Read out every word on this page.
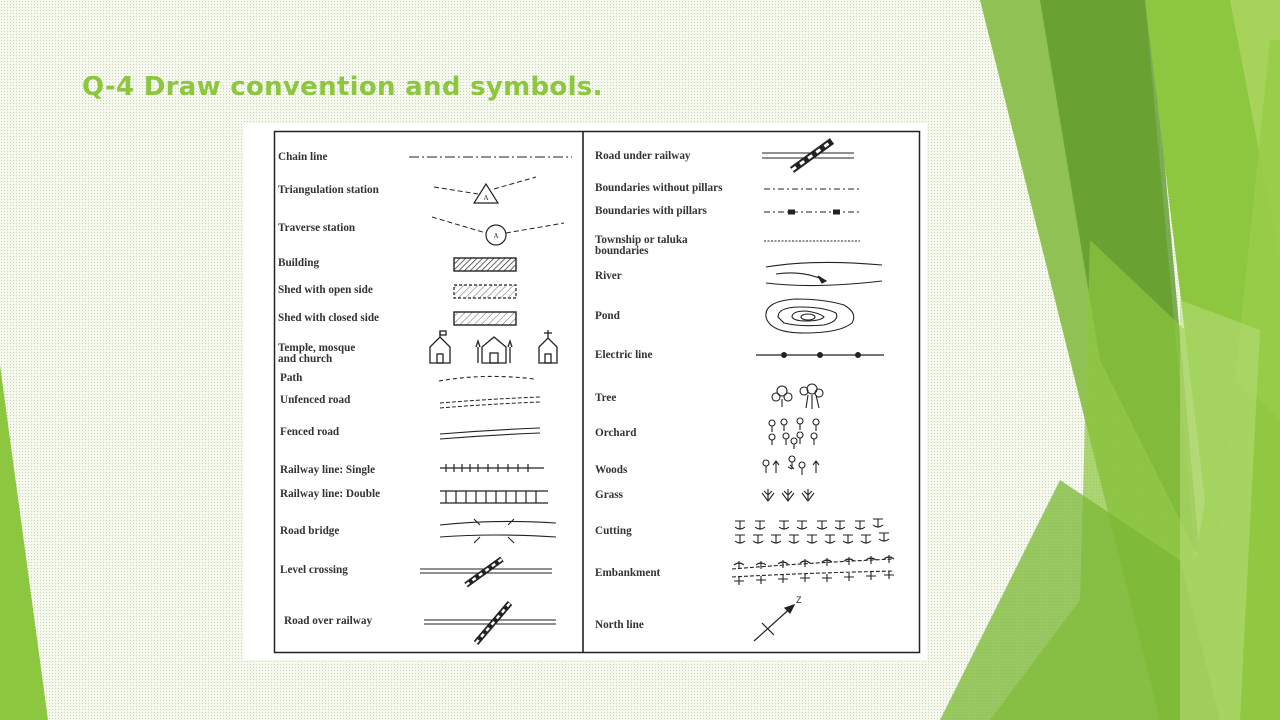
Q-4 Draw convention and symbols.
A
A
Z
Chain line
Triangulation station
Traverse station
Building
Shed with open side
Shed with closed side
Temple, mosque
and church
Path
Unfenced road
Fenced road
Railway line: Single
Railway line: Double
Road bridge
Level crossing
Road over railway
Road under railway
Boundaries without pillars
Boundaries with pillars
Township or taluka
boundaries
River
Pond
Electric line
Tree
Orchard
Woods
Grass
Cutting
Embankment
North line
